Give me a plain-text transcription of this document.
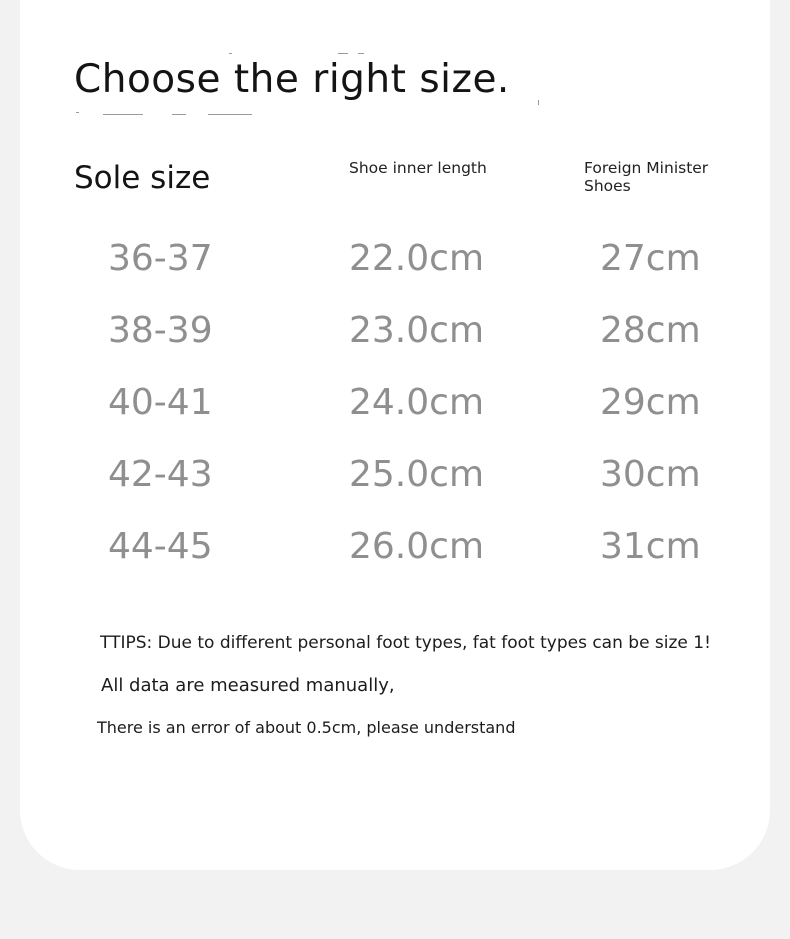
Choose the right size.
Sole size	Shoe inner length	Foreign Minister Shoes
36-37	22.0cm	27cm
38-39	23.0cm	28cm
40-41	24.0cm	29cm
42-43	25.0cm	30cm
44-45	26.0cm	31cm
TTIPS: Due to different personal foot types, fat foot types can be size 1!
All data are measured manually,
There is an error of about 0.5cm, please understand
